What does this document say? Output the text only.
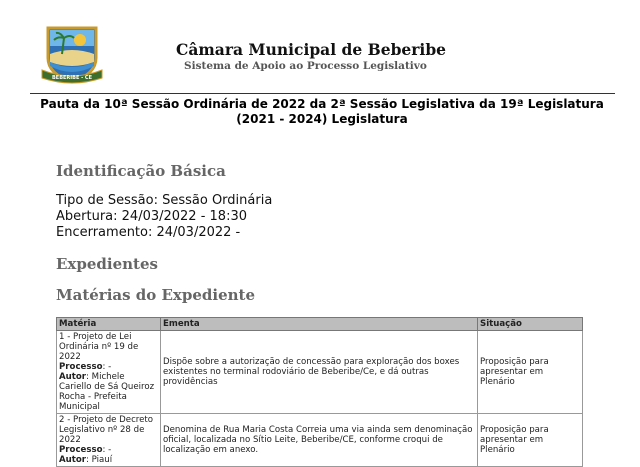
BEBERIBE - CE
Câmara Municipal de Beberibe
Sistema de Apoio ao Processo Legislativo
Pauta da 10ª Sessão Ordinária de 2022 da 2ª Sessão Legislativa da 19ª Legislatura
(2021 - 2024) Legislatura
Identificação Básica
Tipo de Sessão: Sessão Ordinária
Abertura: 24/03/2022 - 18:30
Encerramento: 24/03/2022 -
Expedientes
Matérias do Expediente
Matéria	Ementa	Situação
1 - Projeto de Lei Ordinária nº 19 de 2022
Processo: -
Autor: Michele Cariello de Sá Queiroz Rocha - Prefeita Municipal	Dispõe sobre a autorização de concessão para exploração dos boxes existentes no terminal rodoviário de Beberibe/Ce, e dá outras providências	Proposição para apresentar em Plenário
2 - Projeto de Decreto Legislativo nº 28 de 2022
Processo: -
Autor: Piauí	Denomina de Rua Maria Costa Correia uma via ainda sem denominação oficial, localizada no Sítio Leite, Beberibe/CE, conforme croqui de localização em anexo.	Proposição para apresentar em Plenário
